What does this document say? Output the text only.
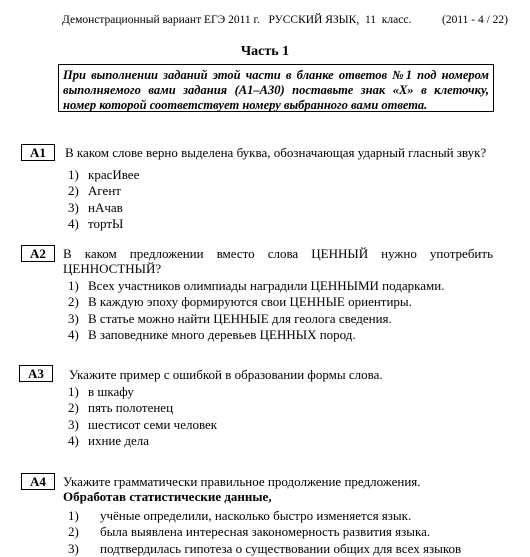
Демонстрационный вариант ЕГЭ 2011 г.   РУССКИЙ ЯЗЫК,  11  класс.	(2011 - 4 / 22)
Часть 1
При выполнении заданий этой части в бланке ответов №1 под номером выполняемого вами задания (А1–А30) поставьте знак «Х» в клеточку, номер которой соответствует номеру выбранного вами ответа.
А1	В каком слове верно выделена буква, обозначающая ударный гласный звук?
1) красИвее
2) Агент
3) нАчав
4) тортЫ
А2	В каком предложении вместо слова ЦЕННЫЙ нужно употребить ЦЕННОСТНЫЙ?
1) Всех участников олимпиады наградили ЦЕННЫМИ подарками.
2) В каждую эпоху формируются свои ЦЕННЫЕ ориентиры.
3) В статье можно найти ЦЕННЫЕ для геолога сведения.
4) В заповеднике много деревьев ЦЕННЫХ пород.
А3	Укажите пример с ошибкой в образовании формы слова.
1) в шкафу
2) пять полотенец
3) шестисот семи человек
4) ихние дела
А4	Укажите грамматически правильное продолжение предложения.
Обработав статистические данные,
1) учёные определили, насколько быстро изменяется язык.
2) была выявлена интересная закономерность развития языка.
3) подтвердилась гипотеза о существовании общих для всех языков
